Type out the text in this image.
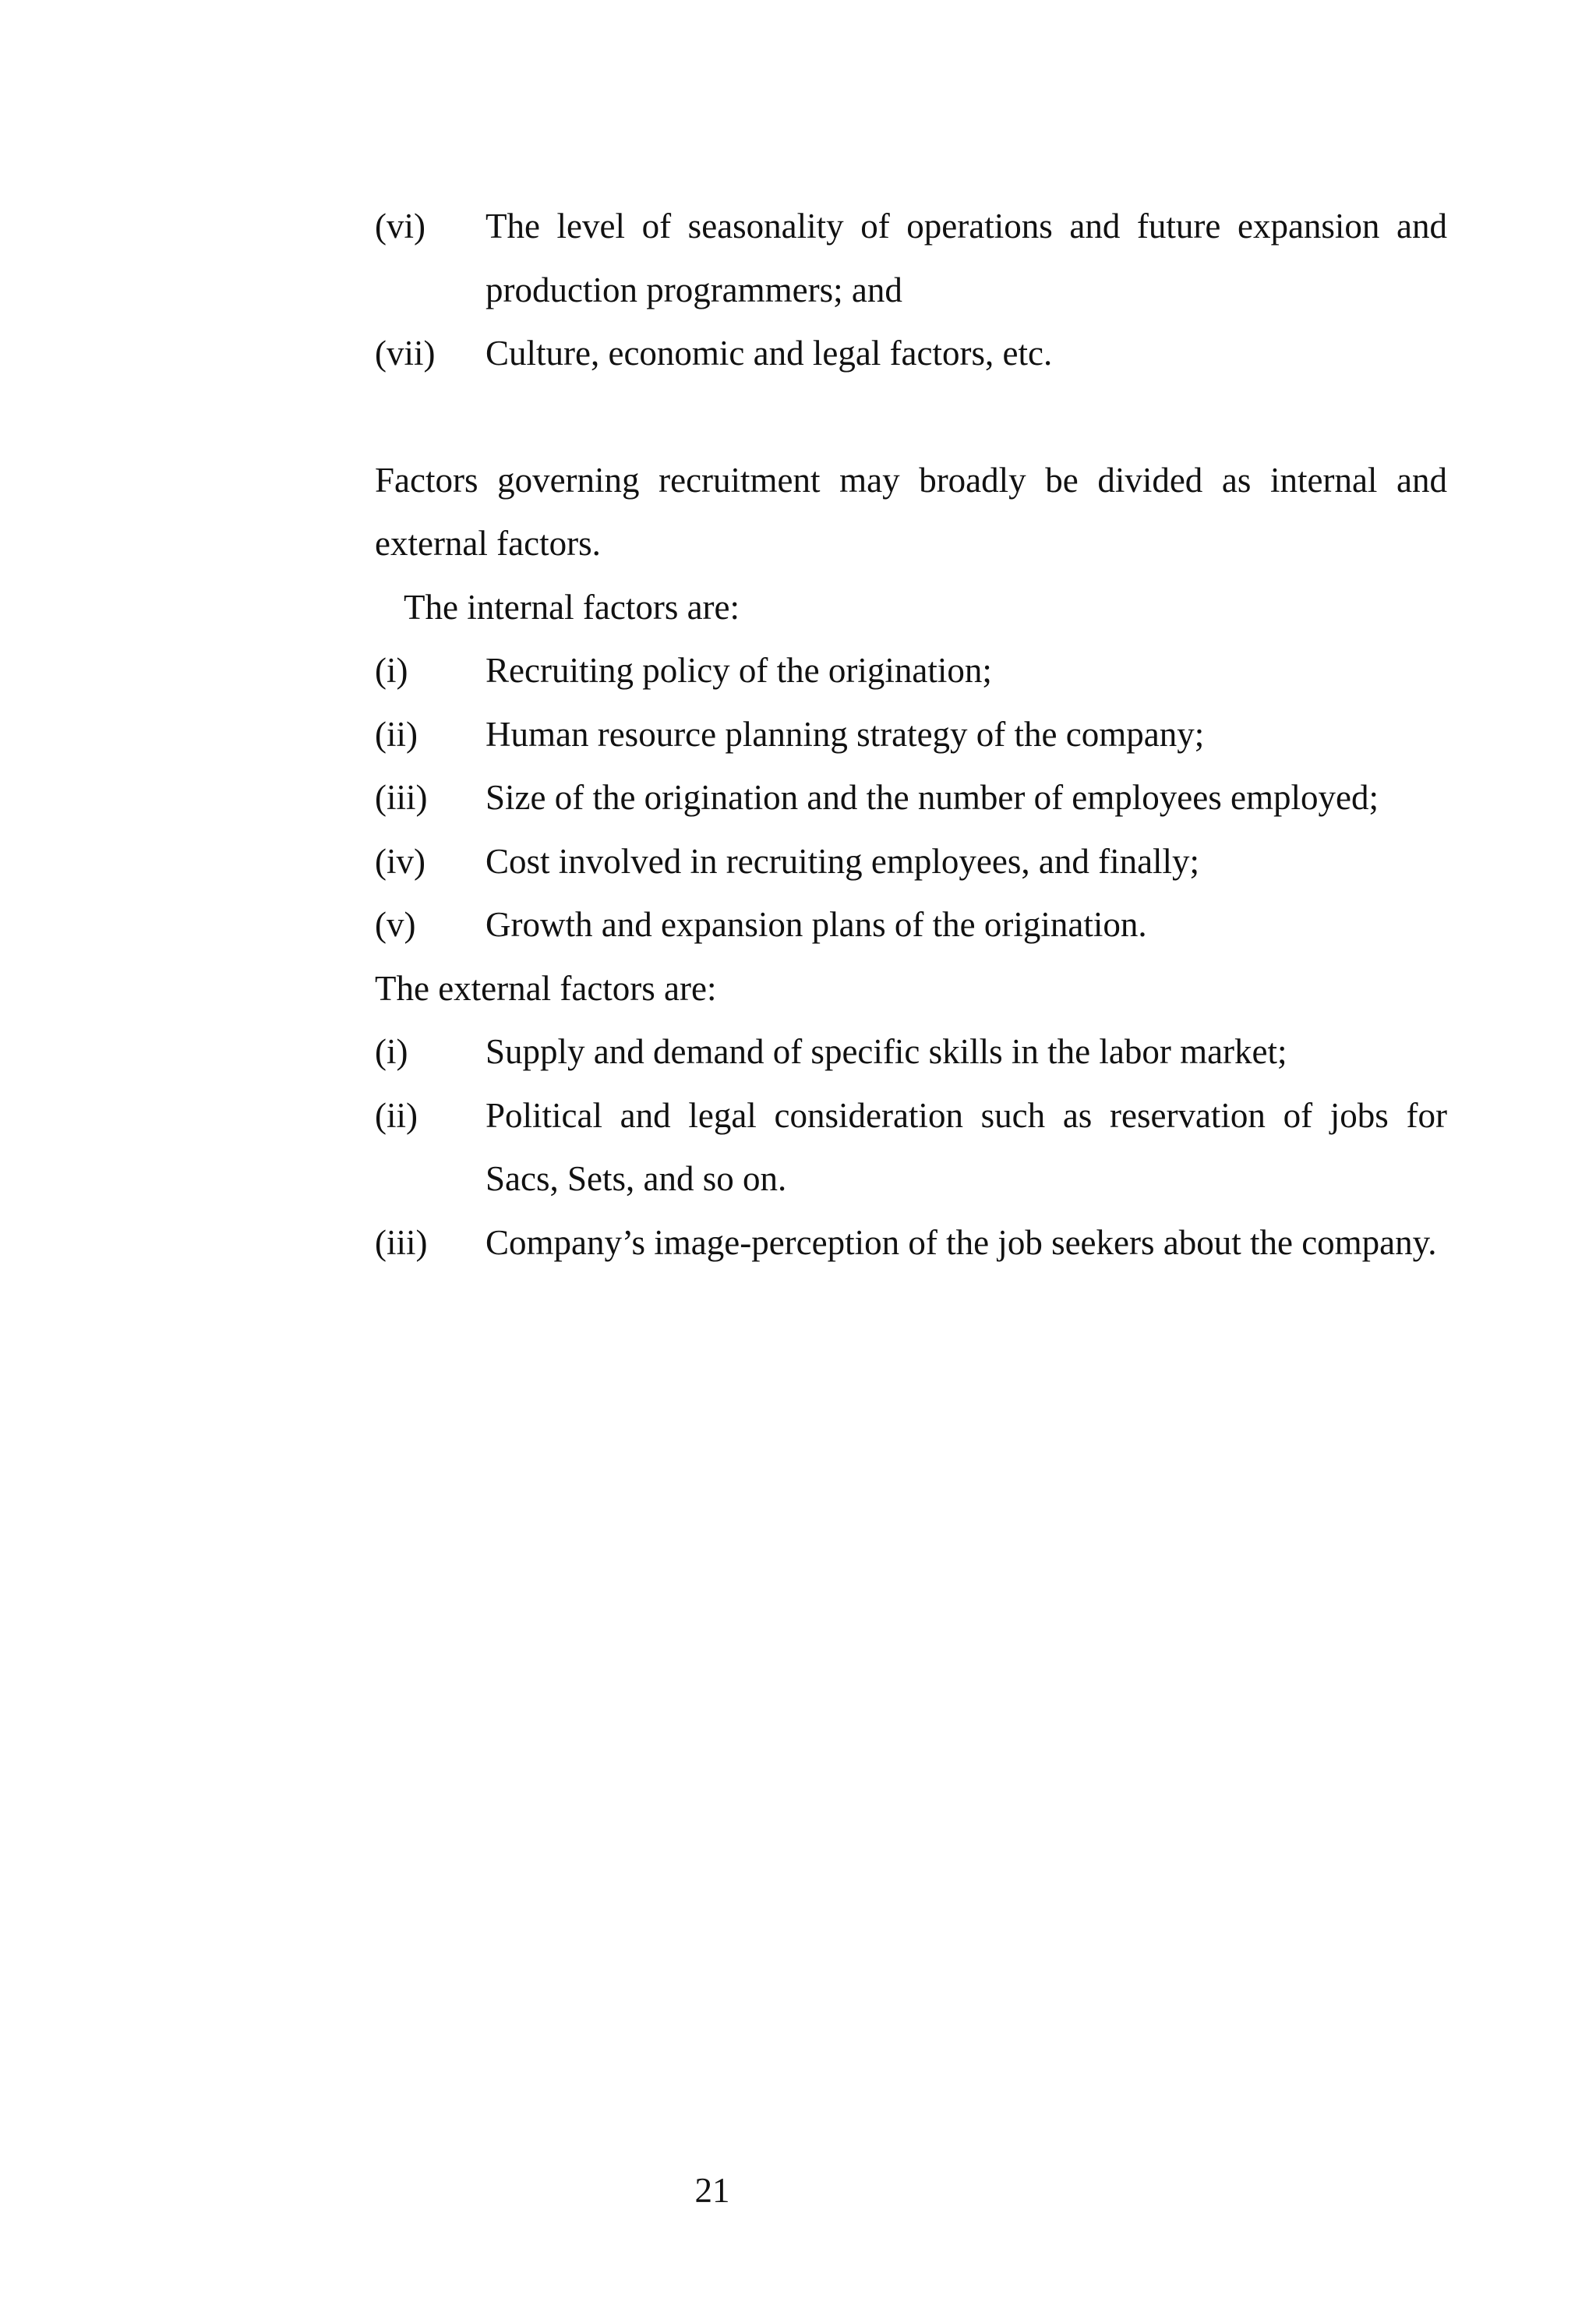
(vi)	The level of seasonality of operations and future expansion and production programmers; and
(vii)	Culture, economic and legal factors, etc.
Factors governing recruitment may broadly be divided as internal and external factors.
The internal factors are:
(i)	Recruiting policy of the origination;
(ii)	Human resource planning strategy of the company;
(iii)	Size of the origination and the number of employees employed;
(iv)	Cost involved in recruiting employees, and finally;
(v)	Growth and expansion plans of the origination.
The external factors are:
(i)	Supply and demand of specific skills in the labor market;
(ii)	Political and legal consideration such as reservation of jobs for Sacs, Sets, and so on.
(iii)	Company’s image-perception of the job seekers about the company.
21
